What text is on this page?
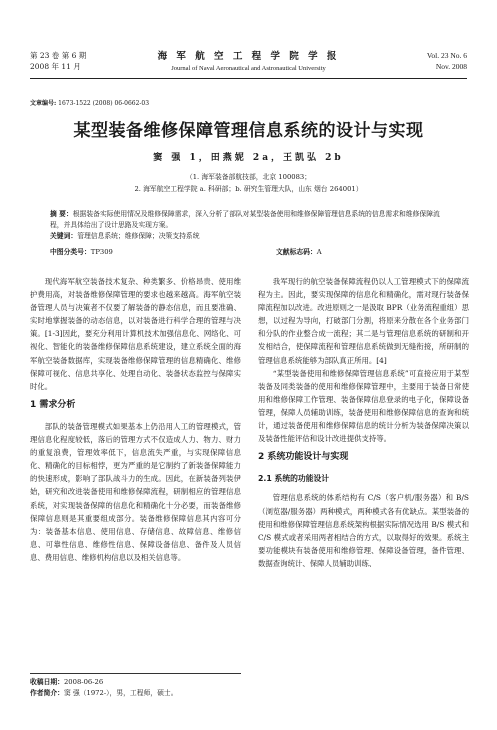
第 23 卷 第 6 期
2008 年 11 月
海 军 航 空 工 程 学 院 学 报
Journal of Naval Aeronautical and Astronautical University
Vol. 23 No. 6
Nov. 2008
文章编号: 1673-1522 (2008) 06-0662-03
某型装备维修保障管理信息系统的设计与实现
窦 强 1，田燕妮 2a，王凯弘 2b
（1. 海军装备部航技部，北京 100083；
2. 海军航空工程学院 a. 科研部；b. 研究生管理大队，山东 烟台 264001）
摘 要：根据装备实际使用情况及维修保障需求，深入分析了部队对某型装备使用和维修保障管理信息系统的信息需求和维修保障流程，并具体给出了设计思路及实现方案。
关键词：管理信息系统；维修保障；决策支持系统
中图分类号：TP309	文献标志码：A

现代海军航空装备技术复杂、种类繁多、价格昂贵、使用维护费用高，对装备维修保障管理的要求也越来越高。海军航空装备管理人员与决策者不仅要了解装备的静态信息，而且要准确、实时地掌握装备的动态信息，以对装备进行科学合理的管理与决策。[1-3]因此，要充分利用计算机技术加强信息化、网络化、可视化、智能化的装备维修保障信息系统建设，建立系统全面的海军航空装备数据库，实现装备维修保障管理的信息精确化、维修保障可视化、信息共享化、处理自动化、装备状态监控与保障实时化。

1 需求分析

部队的装备管理模式如果基本上仍沿用人工的管理模式，管理信息化程度较低，落后的管理方式不仅造成人力、物力、财力的重复浪费，管理效率低下，信息流失严重，与实现保障信息化、精确化的目标相悖，更为严重的是它制约了新装备保障能力的快速形成，影响了部队战斗力的生成。因此，在新装备列装伊始，研究和改进装备使用和维修保障流程，研制相应的管理信息系统，对实现装备保障的信息化和精确化十分必要，而装备维修保障信息则是其重要组成部分。装备维修保障信息其内容可分为：装备基本信息、使用信息、存储信息、故障信息、维修信息、可靠性信息、维修性信息、保障设备信息、备件及人员信息、费用信息、维修机构信息以及相关信息等。

我军现行的航空装备保障流程仍以人工管理模式下的保障流程为主。因此，要实现保障的信息化和精确化，需对现行装备保障流程加以改进。改进原则之一是汲取 BPR（业务流程重组）思想，以过程为导向，打破部门分割，将原来分散在各个业务部门和分队的作业整合成一流程；其二是与管理信息系统的研制和开发相结合，使保障流程和管理信息系统做到无缝衔接，所研制的管理信息系统能够为部队真正所用。[4]

“某型装备使用和维修保障管理信息系统”可直接应用于某型装备及同类装备的使用和维修保障管理中，主要用于装备日常使用和维修保障工作管理、装备保障信息登录的电子化，保障设备管理，保障人员辅助训练，装备使用和维修保障信息的查询和统计，通过装备使用和维修保障信息的统计分析为装备保障决策以及装备性能评估和设计改进提供支持等。

2 系统功能设计与实现
2.1 系统的功能设计

管理信息系统的体系结构有 C/S（客户机/服务器）和 B/S（浏览器/服务器）两种模式，两种模式各有优缺点。某型装备的使用和维修保障管理信息系统架构根据实际情况选用 B/S 模式和 C/S 模式或者采用两者相结合的方式，以取得好的效果。系统主要功能模块有装备使用和维修管理、保障设备管理，备件管理、数据查询统计、保障人员辅助训练、

收稿日期：2008-06-26
作者简介：窦 强（1972-），男，工程师，硕士。
